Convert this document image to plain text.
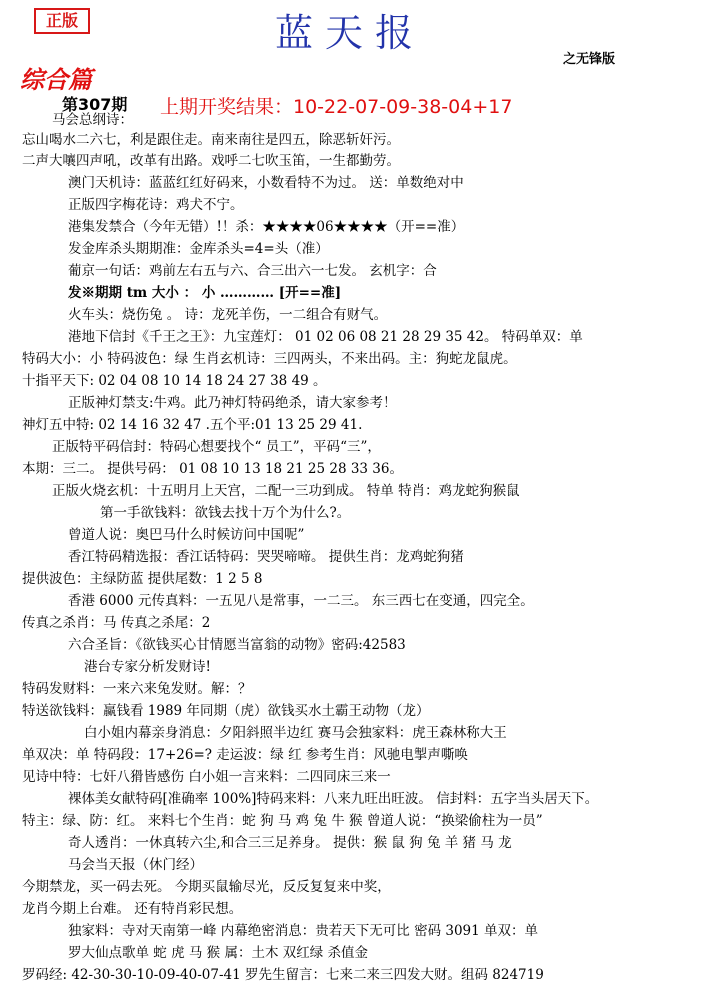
正版	蓝天报
之无锋版
综合篇
第307期 上期开奖结果：10-22-07-09-38-04+17
马会总纲诗：
忘山喝水二六七，利是跟住走。南来南往是四五，除恶斩奸污。
二声大嚷四声吼，改革有出路。戏呼二七吹玉笛，一生都勤劳。
澳门天机诗：蓝蓝红红好码来，小数看特不为过。 送：单数绝对中
正版四字梅花诗：鸡犬不宁。
港集发禁合（今年无错）!！杀：★★★★06★★★★（开==准）
发金库杀头期期准：金库杀头=4=头（准）
葡京一句话：鸡前左右五与六、合三出六一七发。 玄机字：合
发※期期 tm 大小 ： 小 ………… [开==准]
火车头：烧伤兔 。 诗：龙死羊伤，一二组合有财气。
港地下信封《千王之王》：九宝莲灯： 01 02 06 08 21 28 29 35 42。 特码单双：单
特码大小：小 特码波色：绿 生肖玄机诗：三四两头，不来出码。主：狗蛇龙鼠虎。
十指平天下: 02 04 08 10 14 18 24 27 38 49 。
正版神灯禁支:牛鸡。此乃神灯特码绝杀，请大家参考！
神灯五中特: 02 14 16 32 47 .五个平:01 13 25 29 41.
正版特平码信封：特码心想要找个“ 员工”，平码“三”，
本期：三二。 提供号码： 01 08 10 13 18 21 25 28 33 36。
正版火烧玄机：十五明月上天宫，二配一三功到成。 特单 特肖：鸡龙蛇狗猴鼠
第一手欲钱料：欲钱去找十万个为什么?。
曾道人说：奥巴马什么时候访问中国呢”
香江特码精选报：香江话特码：哭哭啼啼。 提供生肖：龙鸡蛇狗猪
提供波色：主绿防蓝 提供尾数：1 2 5 8
香港 6000 元传真料：一五见八是常事，一二三。 东三西七在变通，四完全。
传真之杀肖：马 传真之杀尾：2
六合圣旨：《欲钱买心甘情愿当富翁的动物》密码:42583
港台专家分析发财诗!
特码发财料：一来六来兔发财。解：？
特送欲钱料：赢钱看 1989 年同期（虎）欲钱买水土霸王动物（龙）
白小姐内幕亲身消息：夕阳斜照半边红 赛马会独家料：虎王森林称大王
单双决：单 特码段：17+26=? 走运波：绿 红 参考生肖：风驰电掣声嘶唤
见诗中特：七奸八猾皆感伤 白小姐一言来料：二四同床三来一
裸体美女献特码[准确率 100%]特码来料：八来九旺出旺波。 信封料：五字当头居天下。
特主：绿、防：红。 来料七个生肖：蛇 狗 马 鸡 兔 牛 猴 曾道人说：“换梁偷柱为一员”
奇人透肖：一休真转六尘,和合三三足养身。 提供：猴 鼠 狗 兔 羊 猪 马 龙
马会当天报（休门经）
今期禁龙，买一码去死。 今期买鼠输尽光，反反复复来中奖，
龙肖今期上台难。 还有特肖彩民想。
独家料：寺对天南第一峰 内幕绝密消息：贵若天下无可比 密码 3091 单双：单
罗大仙点歌单 蛇 虎 马 猴 属：土木 双红绿 杀值金
罗码经: 42-30-30-10-09-40-07-41 罗先生留言：七来二来三四发大财。组码 824719
